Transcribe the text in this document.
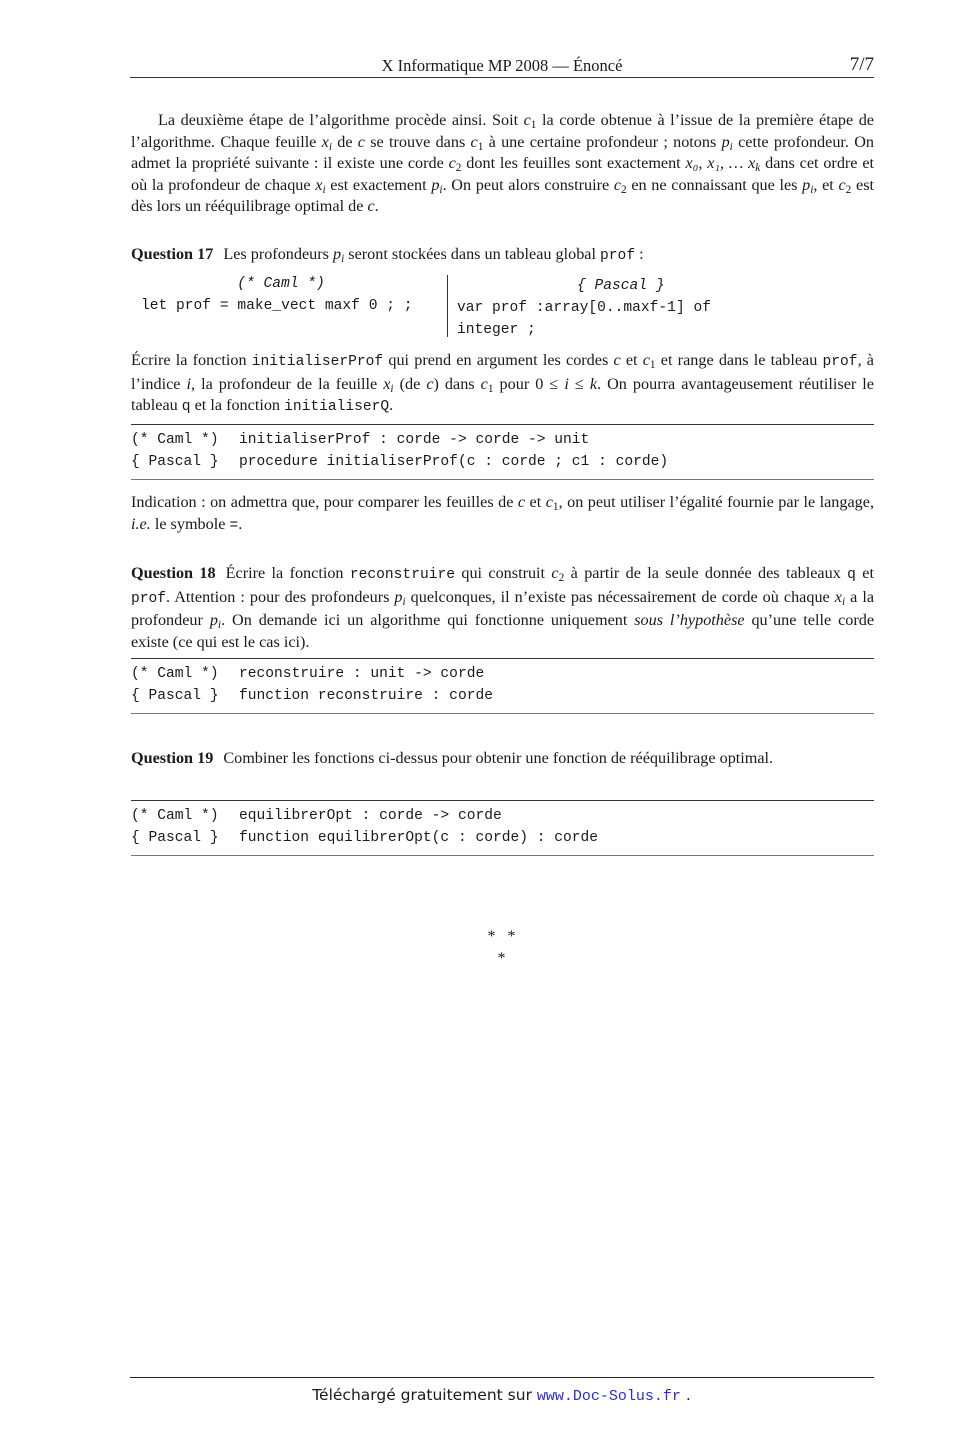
X Informatique MP 2008 — Énoncé	7/7

La deuxième étape de l’algorithme procède ainsi. Soit $c_1$ la corde obtenue à l’issue de la première étape de l’algorithme. Chaque feuille $x_i$ de c se trouve dans $c_1$ à une certaine profondeur ; notons $p_i$ cette profondeur. On admet la propriété suivante : il existe une corde $c_2$ dont les feuilles sont exactement x₀, x₁, … $x_k$ dans cet ordre et où la profondeur de chaque $x_i$ est exactement $p_i$. On peut alors construire $c_2$ en ne connaissant que les $p_i$, et $c_2$ est dès lors un rééquilibrage optimal de c.

Question 17 Les profondeurs $p_i$ seront stockées dans un tableau global prof :

(* Caml *)
let prof = make_vect maxf 0 ; ;
{ Pascal }
var prof :array[0..maxf-1] of
integer ;

Écrire la fonction initialiserProf qui prend en argument les cordes c et $c_1$ et range dans le tableau prof, à l’indice i, la profondeur de la feuille $x_i$ (de c) dans $c_1$ pour 0 ≤ i ≤ k. On pourra avantageusement réutiliser le tableau q et la fonction initialiserQ.

(* Caml *) initialiserProf : corde -> corde -> unit
{ Pascal } procedure initialiserProf(c : corde ; c1 : corde)

Indication : on admettra que, pour comparer les feuilles de c et $c_1$, on peut utiliser l’égalité fournie par le langage, i.e. le symbole =.

Question 18 Écrire la fonction reconstruire qui construit $c_2$ à partir de la seule donnée des tableaux q et prof. Attention : pour des profondeurs $p_i$ quelconques, il n’existe pas nécessairement de corde où chaque $x_i$ a la profondeur $p_i$. On demande ici un algorithme qui fonctionne uniquement sous l’hypothèse qu’une telle corde existe (ce qui est le cas ici).

(* Caml *) reconstruire : unit -> corde
{ Pascal } function reconstruire : corde

Question 19 Combiner les fonctions ci-dessus pour obtenir une fonction de rééquilibrage optimal.

(* Caml *) equilibrerOpt : corde -> corde
{ Pascal } function equilibrerOpt(c : corde) : corde
*   *
*
Téléchargé gratuitement sur www.Doc-Solus.fr .
